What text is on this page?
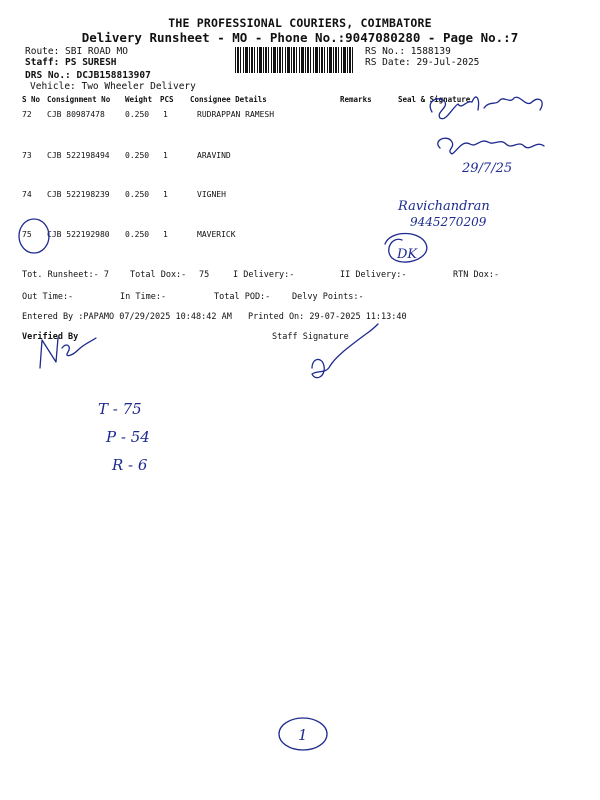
THE PROFESSIONAL COURIERS, COIMBATORE
Delivery Runsheet - MO - Phone No.:9047080280 - Page No.:7
Route: SBI ROAD MO
Staff: PS SURESH
DRS No.: DCJB158813907
Vehicle: Two Wheeler Delivery
RS No.: 1588139
RS Date: 29-Jul-2025
S No Consignment No Weight PCS Consignee Details	Remarks	Seal & Signature
72 CJB 80987478	0.250 1	RUDRAPPAN RAMESH
73 CJB 522198494 0.250 1	ARAVIND
74 CJB 522198239 0.250 1	VIGNEH
75 CJB 522192980 0.250 1	MAVERICK
Tot. Runsheet:- 7 Total Dox:- 75	I Delivery:-	II Delivery:-	RTN Dox:-
Out Time:-	In Time:-	Total POD:-	Delvy Points:-
Entered By :PAPAMO 07/29/2025 10:48:42 AM Printed On: 29-07-2025 11:13:40
Verified By	Staff Signature
29/7/25
Ravichandran
9445270209
DK
T - 75
P - 54
R - 6
1
